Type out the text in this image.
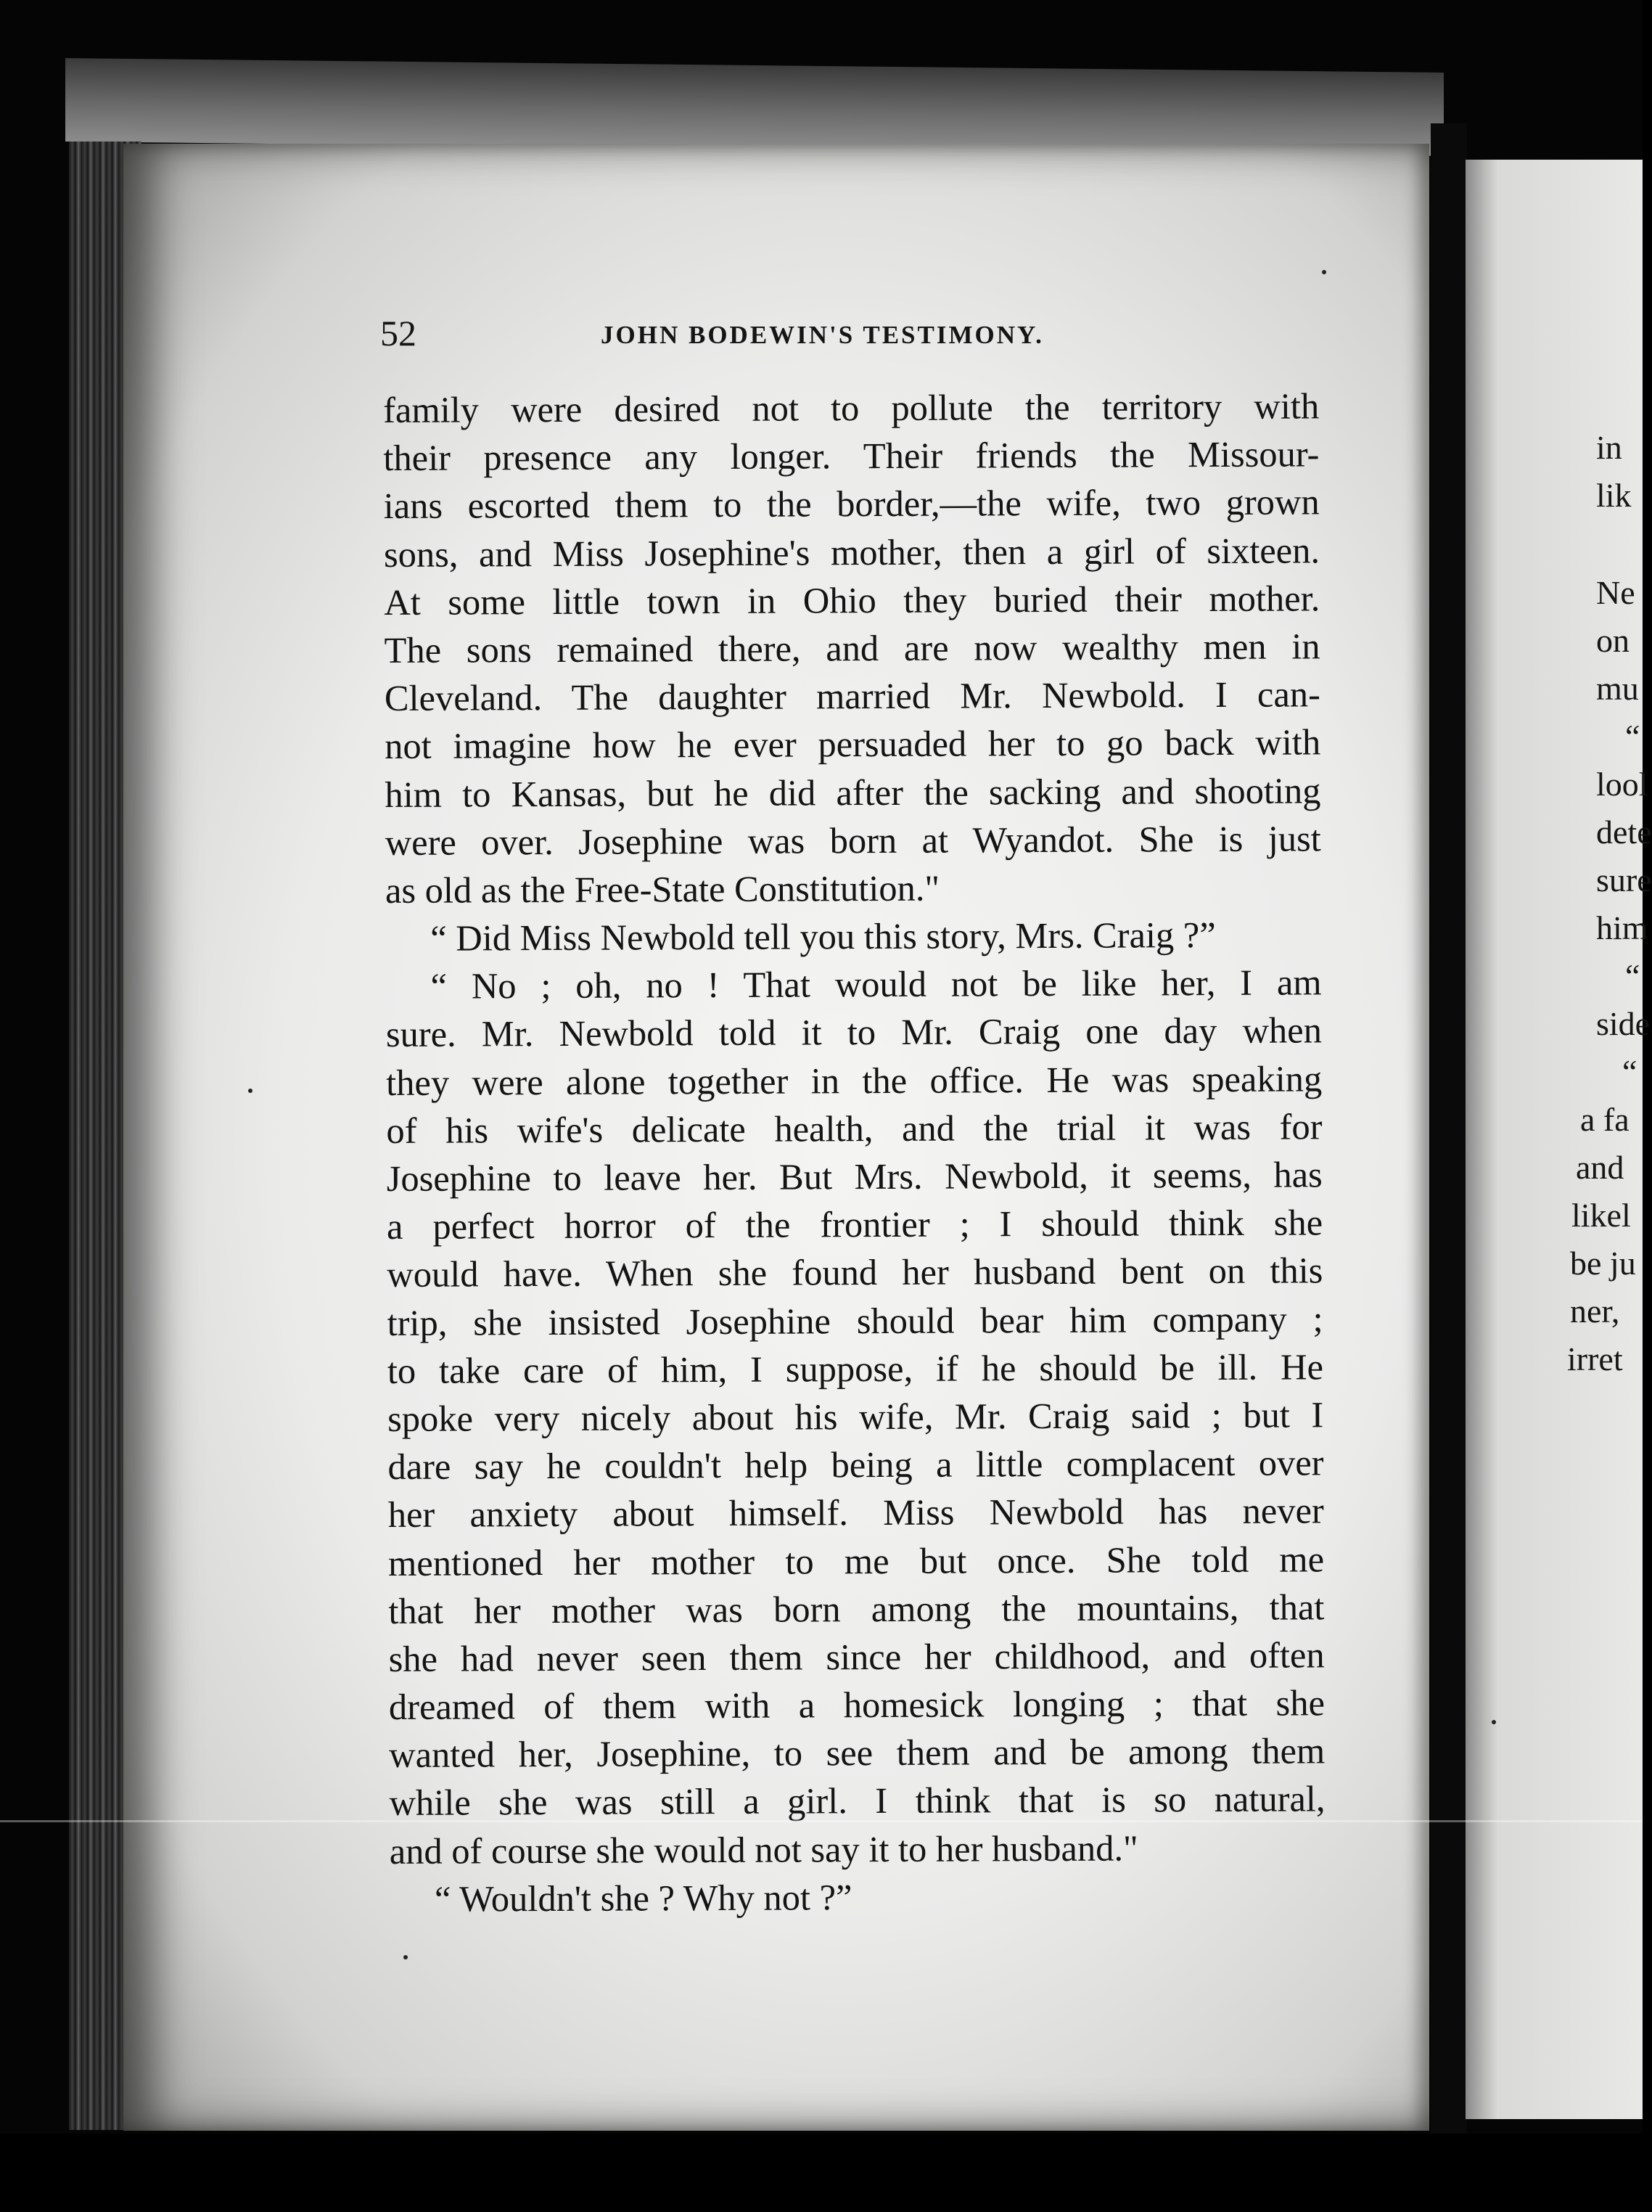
52	JOHN BODEWIN'S TESTIMONY.
family were desired not to pollute the territory with
their presence any longer. Their friends the Missour-
ians escorted them to the border,—the wife, two grown
sons, and Miss Josephine's mother, then a girl of sixteen.
At some little town in Ohio they buried their mother.
The sons remained there, and are now wealthy men in
Cleveland. The daughter married Mr. Newbold. I can-
not imagine how he ever persuaded her to go back with
him to Kansas, but he did after the sacking and shooting
were over. Josephine was born at Wyandot. She is just
as old as the Free-State Constitution."
“ Did Miss Newbold tell you this story, Mrs. Craig ?”
“ No ; oh, no ! That would not be like her, I am
sure. Mr. Newbold told it to Mr. Craig one day when
they were alone together in the office. He was speaking
of his wife's delicate health, and the trial it was for
Josephine to leave her. But Mrs. Newbold, it seems, has
a perfect horror of the frontier ; I should think she
would have. When she found her husband bent on this
trip, she insisted Josephine should bear him company ;
to take care of him, I suppose, if he should be ill. He
spoke very nicely about his wife, Mr. Craig said ; but I
dare say he couldn't help being a little complacent over
her anxiety about himself. Miss Newbold has never
mentioned her mother to me but once. She told me
that her mother was born among the mountains, that
she had never seen them since her childhood, and often
dreamed of them with a homesick longing ; that she
wanted her, Josephine, to see them and be among them
while she was still a girl. I think that is so natural,
and of course she would not say it to her husband."
“ Wouldn't she ? Why not ?”
in
lik
Ne
on
mu
“
lool
dete
sure
him
“
side
“
a fa
and
likel
be ju
ner,
irret
